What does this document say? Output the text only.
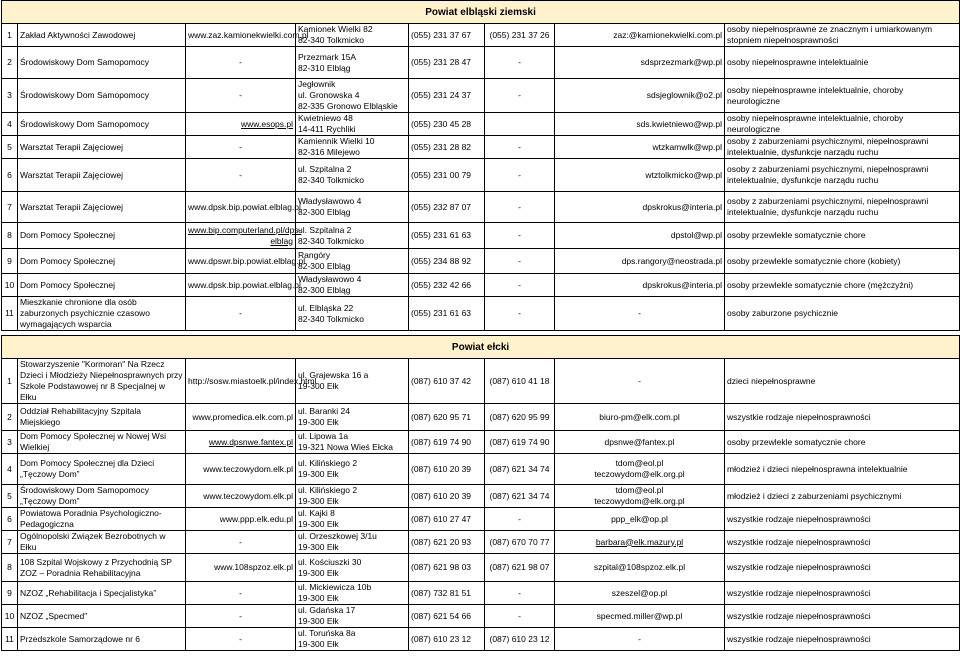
Powiat elbląski ziemski							
1	Zakład Aktywności Zawodowej	www.zaz.kamionekwielki.com.pl	Kamionek Wielki 82
82-340 Tolkmicko	(055) 231 37 67	(055) 231 37 26	zaz:@kamionekwielki.com.pl	osoby niepełnosprawne ze znacznym i umiarkowanym stopniem niepełnosprawności
2	Środowiskowy Dom Samopomocy	-	Przezmark 15A
82-310 Elbląg	(055) 231 28 47	-	sdsprzezmark@wp.pl	osoby niepełnosprawne intelektualnie
3	Środowiskowy Dom Samopomocy	-	Jegłownik
ul. Gronowska 4
82-335 Gronowo Elbląskie	(055) 231 24 37	-	sdsjeglownik@o2.pl	osoby niepełnosprawne intelektualnie, choroby neurologiczne
4	Środowiskowy Dom Samopomocy	www.esops.pl	Kwietniewo 48
14-411 Rychliki	(055) 230 45 28		sds.kwietniewo@wp.pl	osoby niepełnosprawne intelektualnie, choroby neurologiczne
5	Warsztat Terapii Zajęciowej	-	Kamiennik Wielki 10
82-316 Milejewo	(055) 231 28 82	-	wtzkamwlk@wp.pl	osoby z zaburzeniami psychicznymi, niepełnosprawni intelektualnie, dysfunkcje narządu ruchu
6	Warsztat Terapii Zajęciowej	-	ul. Szpitalna 2
82-340 Tolkmicko	(055) 231 00 79	-	wtztolkmicko@wp.pl	osoby z zaburzeniami psychicznymi, niepełnosprawni intelektualnie, dysfunkcje narządu ruchu
7	Warsztat Terapii Zajęciowej	www.dpsk.bip.powiat.elblag.pl	Władysławowo 4
82-300 Elbląg	(055) 232 87 07	-	dpskrokus@interia.pl	osoby z zaburzeniami psychicznymi, niepełnosprawni intelektualnie, dysfunkcje narządu ruchu
8	Dom Pomocy Społecznej	www.bip.computerland.pl/dps-elblag	ul. Szpitalna 2
82-340 Tolkmicko	(055) 231 61 63	-	dpstol@wp.pl	osoby przewlekle somatycznie chore
9	Dom Pomocy Społecznej	www.dpswr.bip.powiat.elblag.pl	Rangóry
82-300 Elbląg	(055) 234 88 92	-	dps.rangory@neostrada.pl	osoby przewlekle somatycznie chore (kobiety)
10	Dom Pomocy Społecznej	www.dpsk.bip.powiat.elblag.pl	Władysławowo 4
82-300 Elbląg	(055) 232 42 66	-	dpskrokus@interia.pl	osoby przewlekle somatycznie chore (mężczyźni)
11	Mieszkanie chronione dla osób zaburzonych psychicznie czasowo wymagających wsparcia	-	ul. Elbląska 22
82-340 Tolkmicko	(055) 231 61 63	-	-	osoby zaburzone psychicznie

Powiat ełcki							
1	Stowarzyszenie "Kormoran" Na Rzecz Dzieci i Młodzieży Niepełnosprawnych przy Szkole Podstawowej nr 8 Specjalnej w Ełku	http://sosw.miastoelk.pl/index.html	ul. Grajewska 16 a
19-300 Ełk	(087) 610 37 42	(087) 610 41 18	-	dzieci niepełnosprawne
2	Oddział Rehabilitacyjny Szpitala Miejskiego	www.promedica.elk.com.pl	ul. Baranki 24
19-300 Ełk	(087) 620 95 71	(087) 620 95 99	biuro-pm@elk.com.pl	wszystkie rodzaje niepełnosprawności
3	Dom Pomocy Społecznej w Nowej Wsi Wielkiej	www.dpsnwe.fantex.pl	ul. Lipowa 1a
19-321 Nowa Wieś Ełcka	(087) 619 74 90	(087) 619 74 90	dpsnwe@fantex.pl	osoby przewlekle somatycznie chore
4	Dom Pomocy Społecznej dla Dzieci „Tęczowy Dom”	www.teczowydom.elk.pl	ul. Kilińskiego 2
19-300 Ełk	(087) 610 20 39	(087) 621 34 74	tdom@eol.pl
teczowydom@elk.org.pl	młodzież i dzieci niepełnosprawna intelektualnie
5	Środowiskowy Dom Samopomocy „Tęczowy Dom”	www.teczowydom.elk.pl	ul. Kilińskiego 2
19-300 Ełk	(087) 610 20 39	(087) 621 34 74	tdom@eol.pl
teczowydom@elk.org.pl	młodzież i dzieci z zaburzeniami psychicznymi
6	Powiatowa Poradnia Psychologiczno-Pedagogiczna	www.ppp.elk.edu.pl	ul. Kajki 8
19-300 Ełk	(087) 610 27 47	-	ppp_elk@op.pl	wszystkie rodzaje niepełnosprawności
7	Ogólnopolski Związek Bezrobotnych w Ełku	-	ul. Orzeszkowej 3/1u
19-300 Ełk	(087) 621 20 93	(087) 670 70 77	barbara@elk.mazury.pl	wszystkie rodzaje niepełnosprawności
8	108 Szpital Wojskowy z Przychodnią SP ZOZ – Poradnia Rehabilitacyjna	www.108spzoz.elk.pl	ul. Kościuszki 30
19-300 Ełk	(087) 621 98 03	(087) 621 98 07	szpital@108spzoz.elk.pl	wszystkie rodzaje niepełnosprawności
9	NZOZ „Rehabilitacja i Specjalistyka”	-	ul. Mickiewicza 10b
19-300 Ełk	(087) 732 81 51	-	szeszel@op.pl	wszystkie rodzaje niepełnosprawności
10	NZOZ „Specmed”	-	ul. Gdańska 17
19-300 Ełk	(087) 621 54 66	-	specmed.miller@wp.pl	wszystkie rodzaje niepełnosprawności
11	Przedszkole Samorządowe nr 6	-	ul. Toruńska 8a
19-300 Ełk	(087) 610 23 12	(087) 610 23 12	-	wszystkie rodzaje niepełnosprawności
